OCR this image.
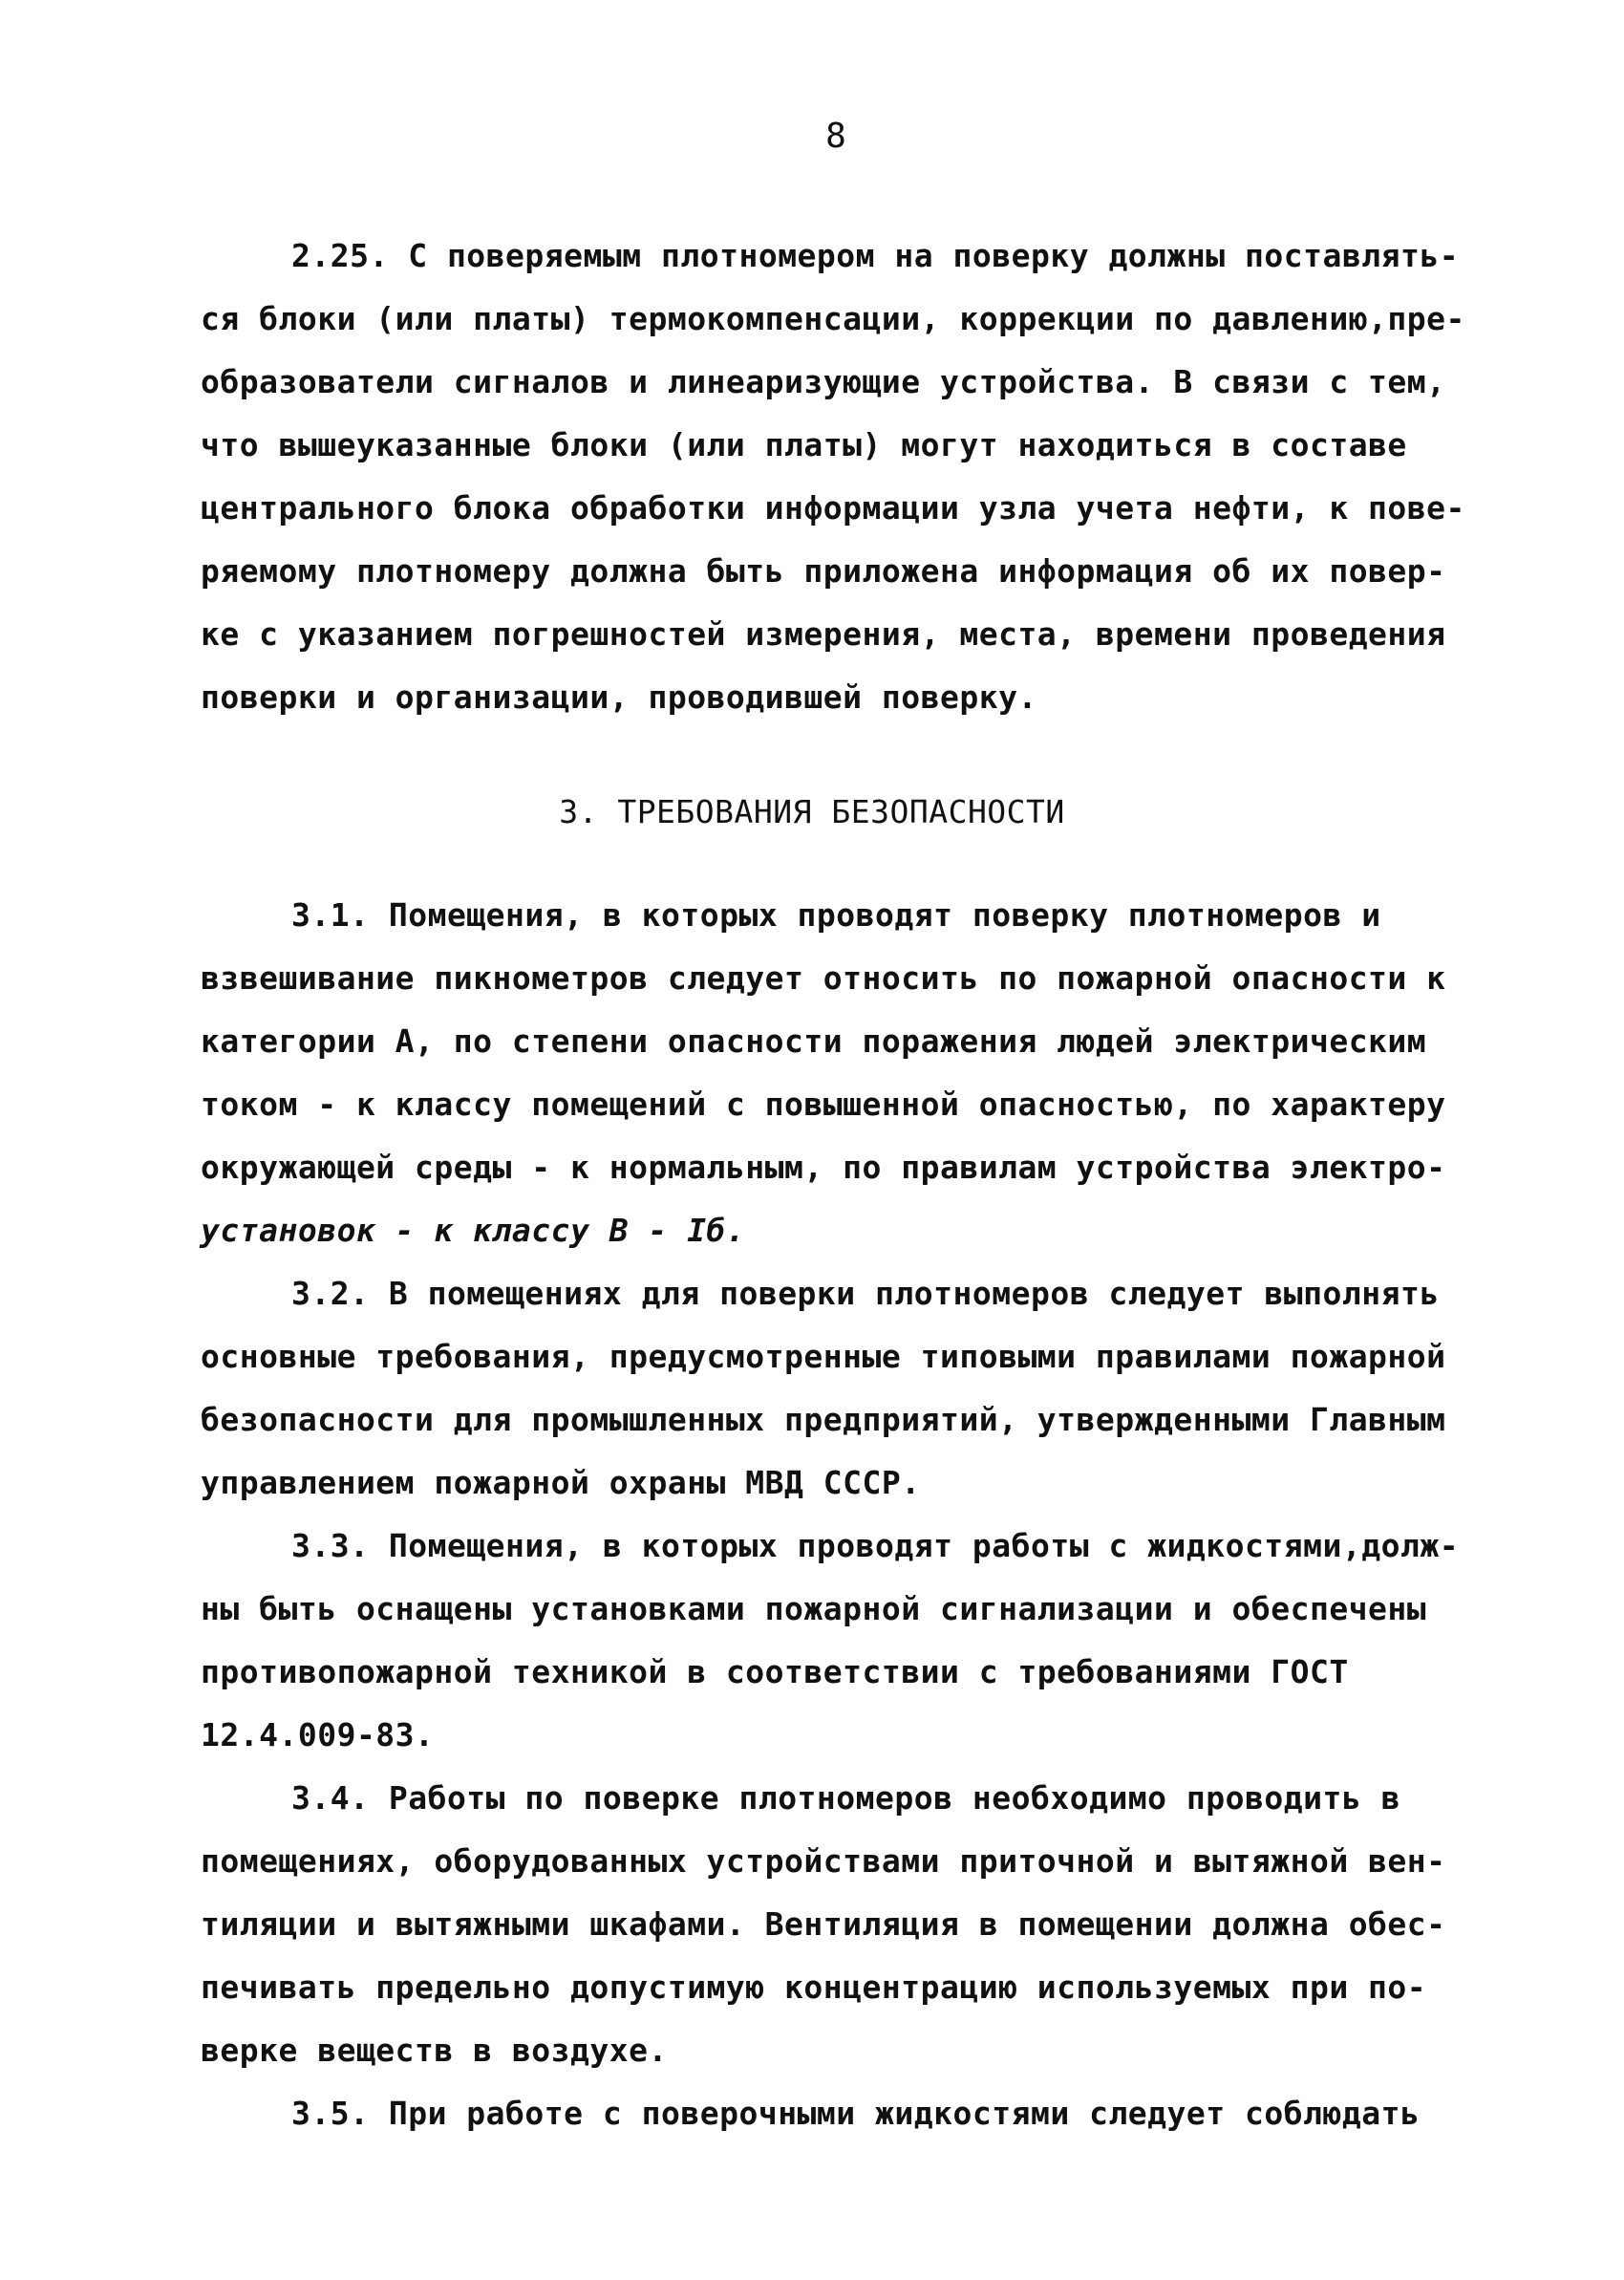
8
2.25. С поверяемым плотномером на поверку должны поставлять-
ся блоки (или платы) термокомпенсации, коррекции по давлению,пре-
образователи сигналов и линеаризующие устройства. В связи с тем,
что вышеуказанные блоки (или платы) могут находиться в составе
центрального блока обработки информации узла учета нефти, к пове-
ряемому плотномеру должна быть приложена информация об их повер-
ке с указанием погрешностей измерения, места, времени проведения
поверки и организации, проводившей поверку.
3. ТРЕБОВАНИЯ БЕЗОПАСНОСТИ
3.1. Помещения, в которых проводят поверку плотномеров и
взвешивание пикнометров следует относить по пожарной опасности к
категории А, по степени опасности поражения людей электрическим
током - к классу помещений с повышенной опасностью, по характеру
окружающей среды - к нормальным, по правилам устройства электро-
установок - к классу В - Iб.
3.2. В помещениях для поверки плотномеров следует выполнять
основные требования, предусмотренные типовыми правилами пожарной
безопасности для промышленных предприятий, утвержденными Главным
управлением пожарной охраны МВД СССР.
3.3. Помещения, в которых проводят работы с жидкостями,долж-
ны быть оснащены установками пожарной сигнализации и обеспечены
противопожарной техникой в соответствии с требованиями ГОСТ
12.4.009-83.
3.4. Работы по поверке плотномеров необходимо проводить в
помещениях, оборудованных устройствами приточной и вытяжной вен-
тиляции и вытяжными шкафами. Вентиляция в помещении должна обес-
печивать предельно допустимую концентрацию используемых при по-
верке веществ в воздухе.
3.5. При работе с поверочными жидкостями следует соблюдать
